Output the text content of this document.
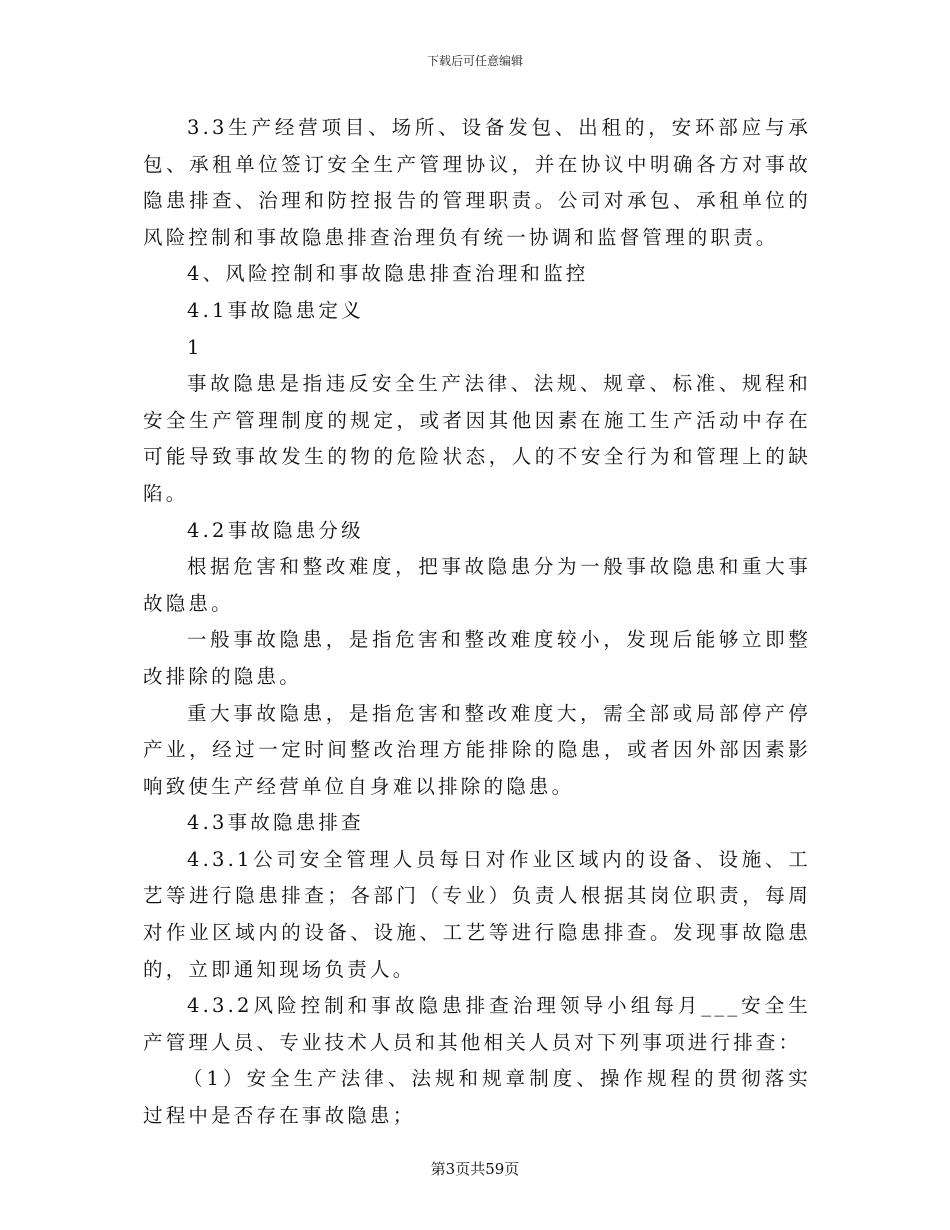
下载后可任意编辑

3.3生产经营项目、场所、设备发包、出租的，安环部应与承包、承租单位签订安全生产管理协议，并在协议中明确各方对事故隐患排查、治理和防控报告的管理职责。公司对承包、承租单位的风险控制和事故隐患排查治理负有统一协调和监督管理的职责。

4、风险控制和事故隐患排查治理和监控

4.1事故隐患定义

1

事故隐患是指违反安全生产法律、法规、规章、标准、规程和安全生产管理制度的规定，或者因其他因素在施工生产活动中存在可能导致事故发生的物的危险状态，人的不安全行为和管理上的缺陷。

4.2事故隐患分级

根据危害和整改难度，把事故隐患分为一般事故隐患和重大事故隐患。

一般事故隐患，是指危害和整改难度较小，发现后能够立即整改排除的隐患。

重大事故隐患，是指危害和整改难度大，需全部或局部停产停产业，经过一定时间整改治理方能排除的隐患，或者因外部因素影响致使生产经营单位自身难以排除的隐患。

4.3事故隐患排查

4.3.1公司安全管理人员每日对作业区域内的设备、设施、工艺等进行隐患排查；各部门（专业）负责人根据其岗位职责，每周对作业区域内的设备、设施、工艺等进行隐患排查。发现事故隐患的，立即通知现场负责人。

4.3.2风险控制和事故隐患排查治理领导小组每月___安全生产管理人员、专业技术人员和其他相关人员对下列事项进行排查：

（1）安全生产法律、法规和规章制度、操作规程的贯彻落实过程中是否存在事故隐患；

第3页共59页
